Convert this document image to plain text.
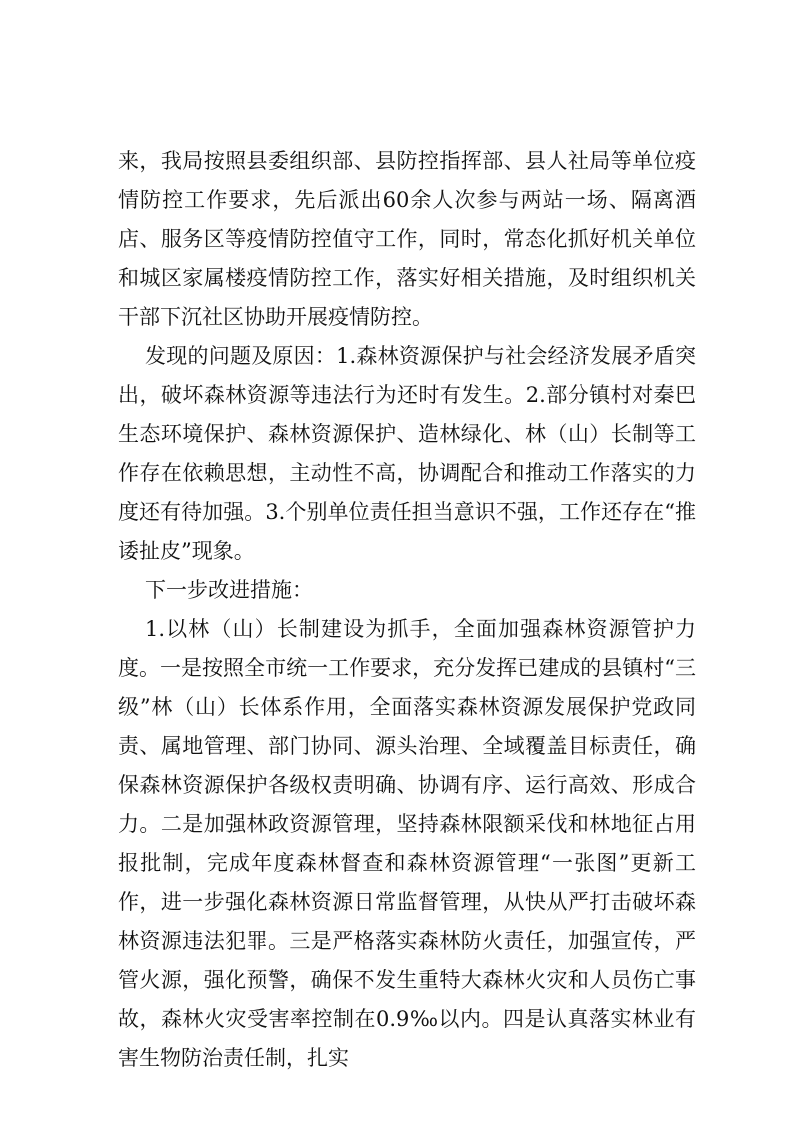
来，我局按照县委组织部、县防控指挥部、县人社局等单位疫情防控工作要求，先后派出60余人次参与两站一场、隔离酒店、服务区等疫情防控值守工作，同时，常态化抓好机关单位和城区家属楼疫情防控工作，落实好相关措施，及时组织机关干部下沉社区协助开展疫情防控。

发现的问题及原因：1.森林资源保护与社会经济发展矛盾突出，破坏森林资源等违法行为还时有发生。2.部分镇村对秦巴生态环境保护、森林资源保护、造林绿化、林（山）长制等工作存在依赖思想，主动性不高，协调配合和推动工作落实的力度还有待加强。3.个别单位责任担当意识不强，工作还存在“推诿扯皮”现象。

下一步改进措施：

1.以林（山）长制建设为抓手，全面加强森林资源管护力度。一是按照全市统一工作要求，充分发挥已建成的县镇村“三级”林（山）长体系作用，全面落实森林资源发展保护党政同责、属地管理、部门协同、源头治理、全域覆盖目标责任，确保森林资源保护各级权责明确、协调有序、运行高效、形成合力。二是加强林政资源管理，坚持森林限额采伐和林地征占用报批制，完成年度森林督查和森林资源管理“一张图”更新工作，进一步强化森林资源日常监督管理，从快从严打击破坏森林资源违法犯罪。三是严格落实森林防火责任，加强宣传，严管火源，强化预警，确保不发生重特大森林火灾和人员伤亡事故，森林火灾受害率控制在0.9‰以内。四是认真落实林业有害生物防治责任制，扎实
